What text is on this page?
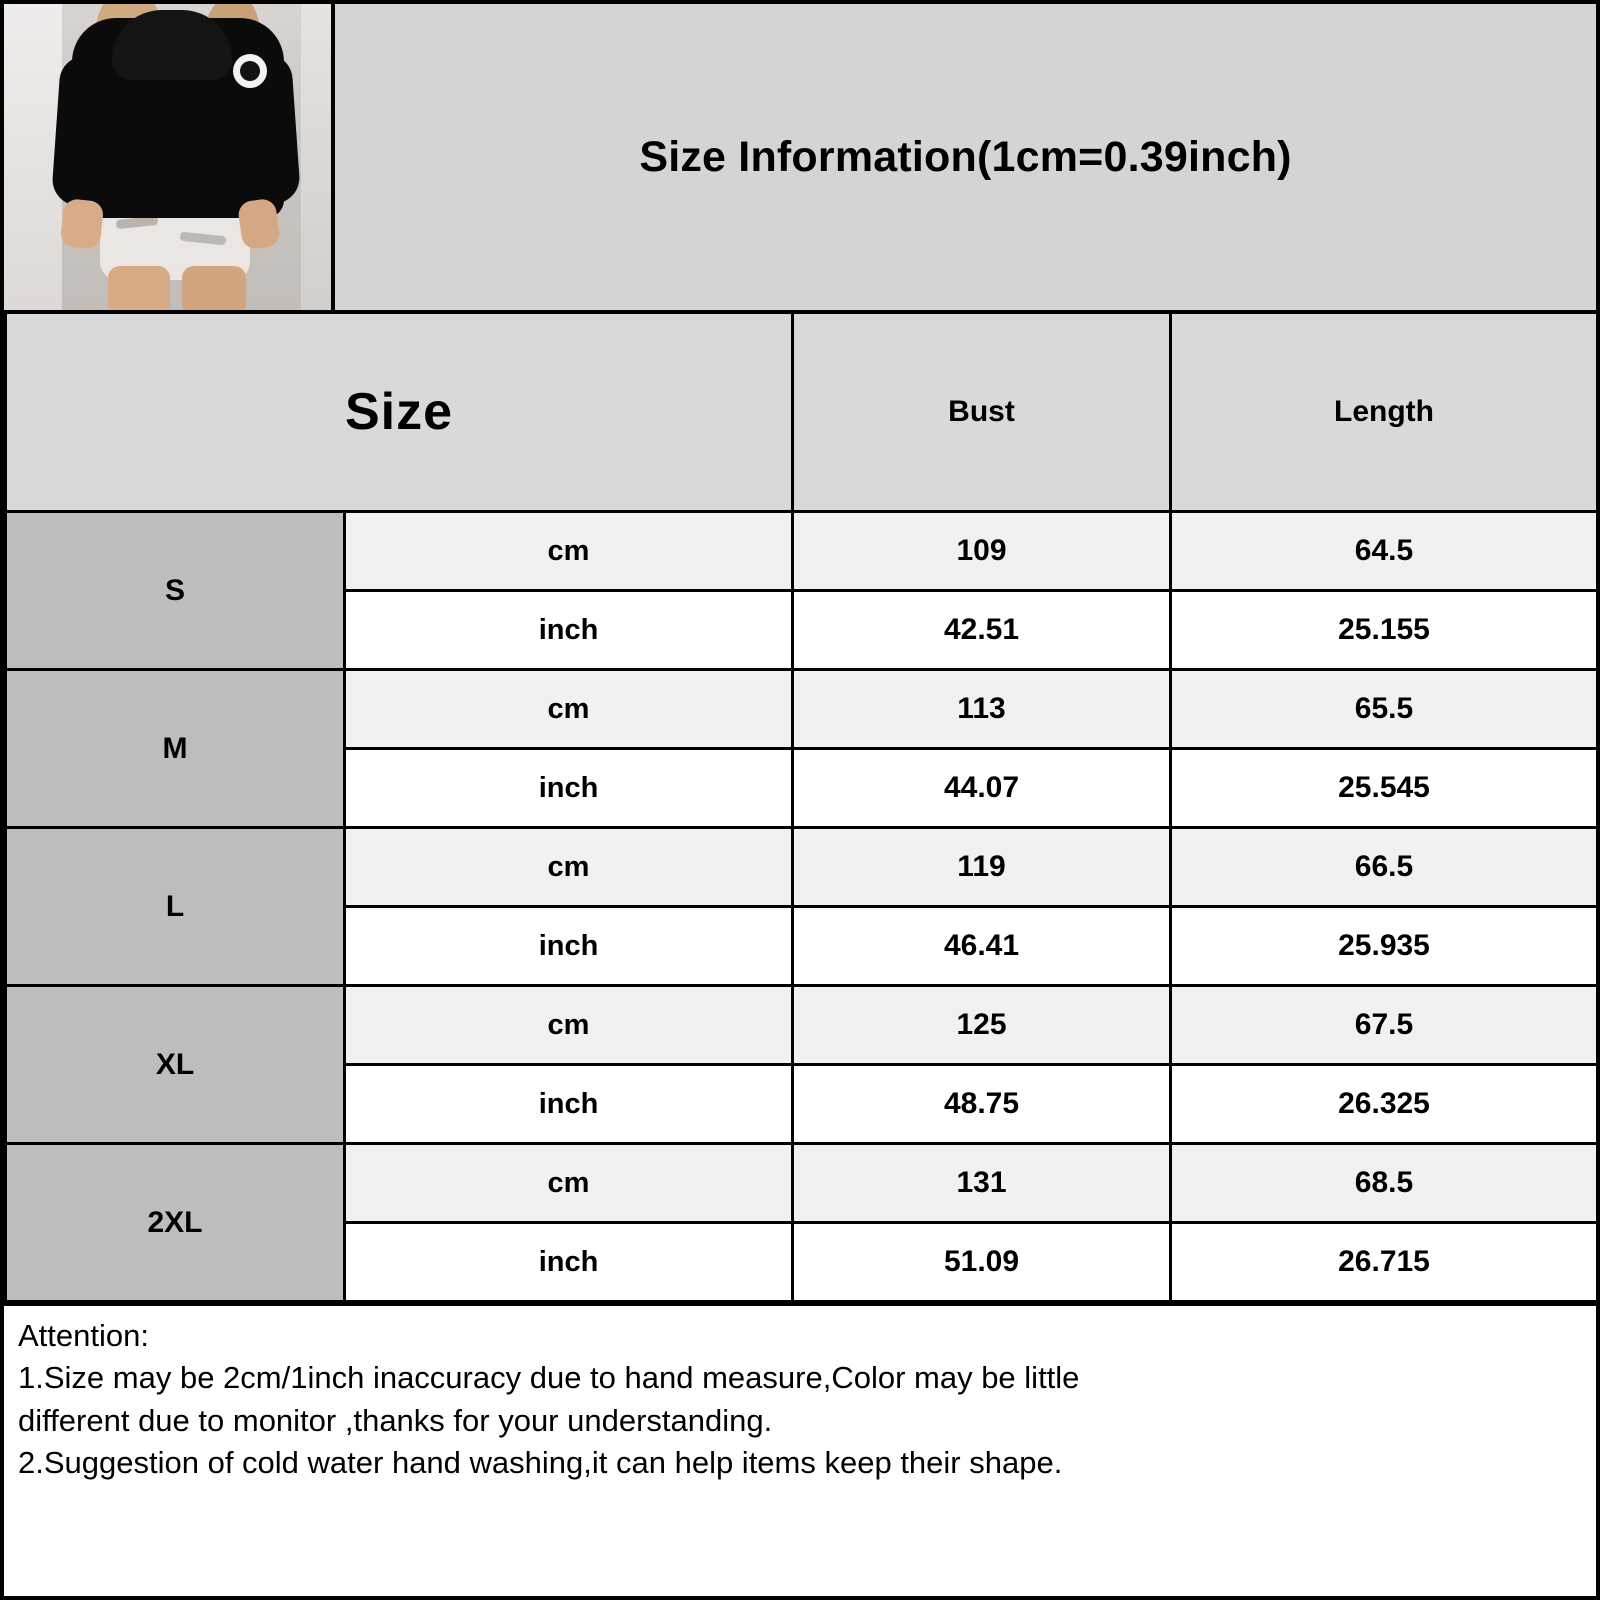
Size Information(1cm=0.39inch)
Size		Bust	Length
S	cm	109	64.5
	inch	42.51	25.155
M	cm	113	65.5
	inch	44.07	25.545
L	cm	119	66.5
	inch	46.41	25.935
XL	cm	125	67.5
	inch	48.75	26.325
2XL	cm	131	68.5
	inch	51.09	26.715
Attention:
1.Size may be 2cm/1inch inaccuracy due to hand measure,Color may be little
different due to monitor ,thanks for your understanding.
2.Suggestion of cold water hand washing,it can help items keep their shape.
